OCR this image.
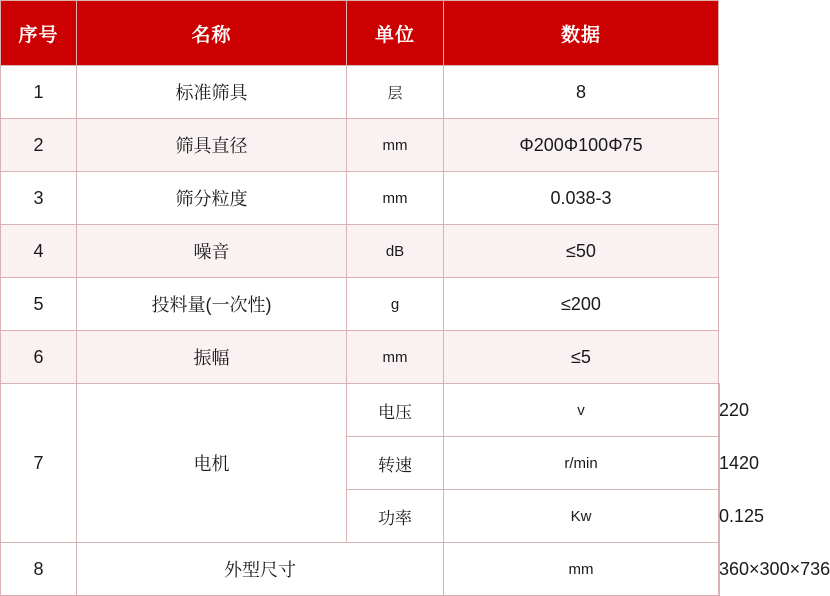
序号	名称	单位	数据	
1	标准筛具	层	8	
2	筛具直径	mm	Φ200Φ100Φ75	
3	筛分粒度	mm	0.038-3	
4	噪音	dB	≤50	
5	投料量(一次性)	g	≤200	
6	振幅	mm	≤5	
7	电机	电压	v	220
		转速	r/min	1420
		功率	Kw	0.125
8	外型尺寸		mm	360×300×736
